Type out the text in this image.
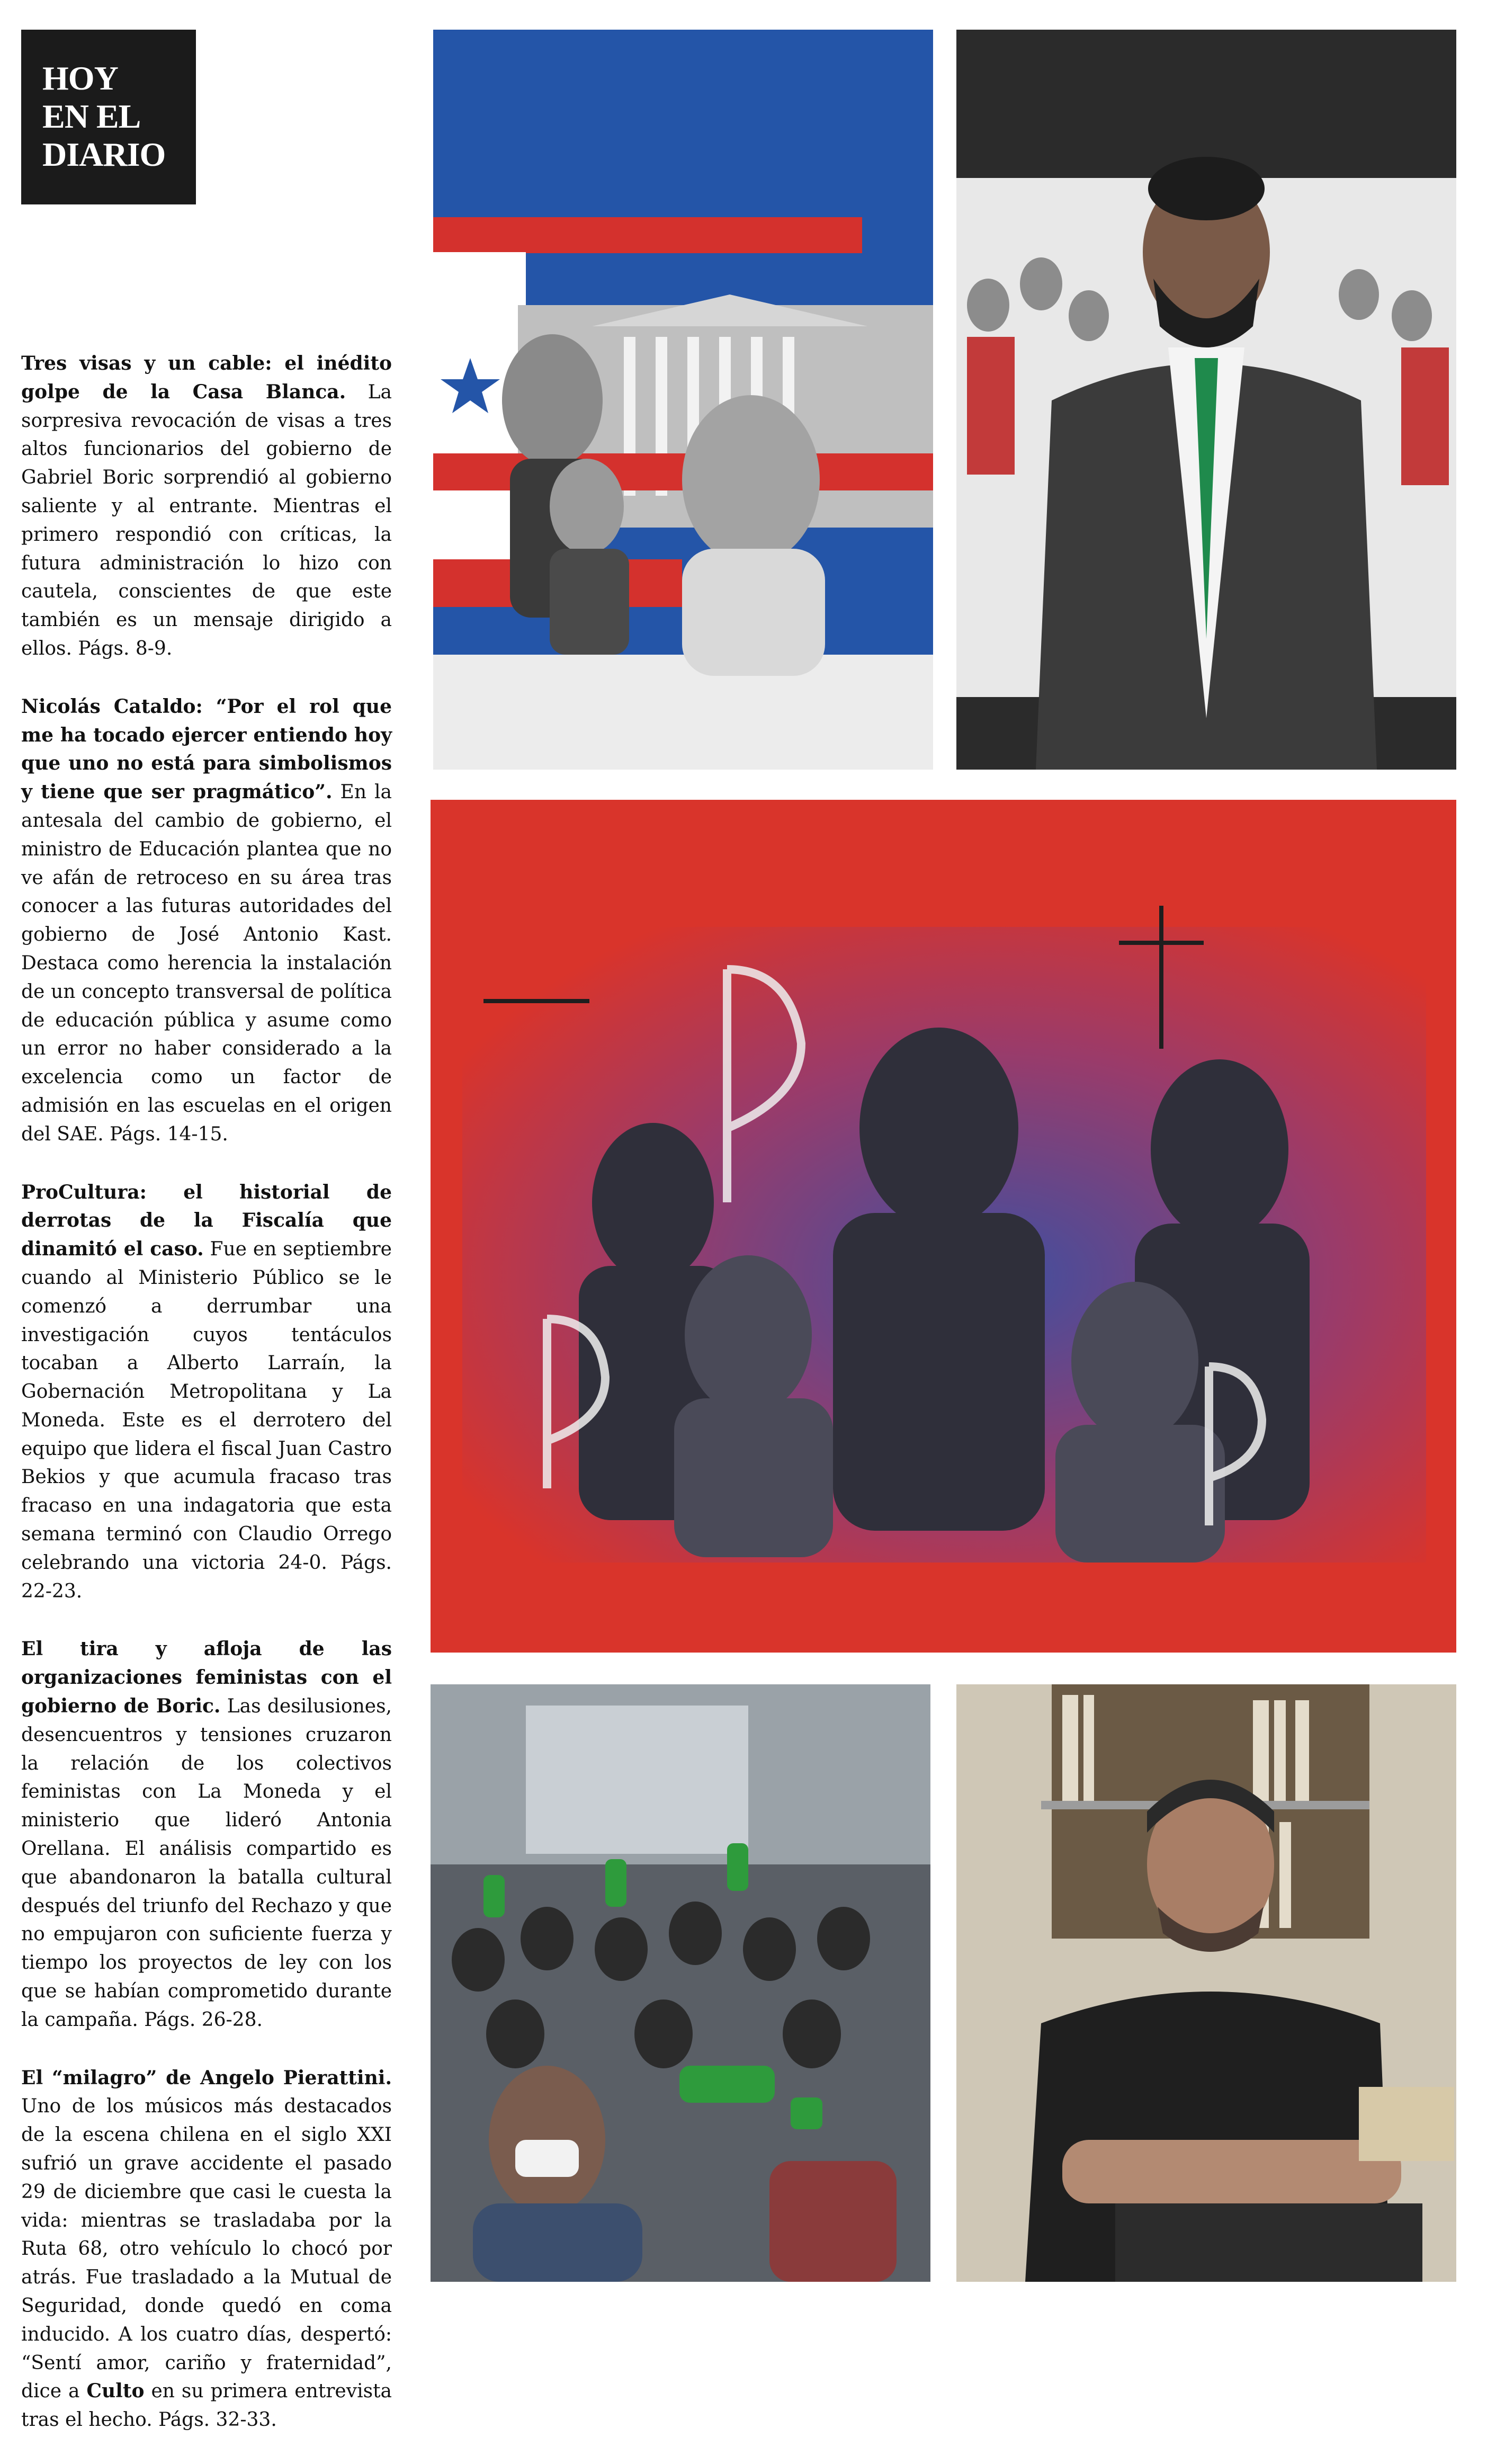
HOY
EN EL
DIARIO

Tres visas y un cable: el inédito golpe de la Casa Blanca. La sorpresiva revocación de visas a tres altos funcionarios del gobierno de Gabriel Boric sorprendió al gobierno saliente y al entrante. Mientras el primero respondió con críticas, la futura administración lo hizo con cautela, conscientes de que este también es un mensaje dirigido a ellos. Págs. 8-9.

Nicolás Cataldo: “Por el rol que me ha tocado ejercer entiendo hoy que uno no está para simbolismos y tiene que ser pragmático”. En la antesala del cambio de gobierno, el ministro de Educación plantea que no ve afán de retroceso en su área tras conocer a las futuras autoridades del gobierno de José Antonio Kast. Destaca como herencia la instalación de un concepto transversal de política de educación pública y asume como un error no haber considerado a la excelencia como un factor de admisión en las escuelas en el origen del SAE. Págs. 14-15.

ProCultura: el historial de derrotas de la Fiscalía que dinamitó el caso. Fue en septiembre cuando al Ministerio Público se le comenzó a derrumbar una investigación cuyos tentáculos tocaban a Alberto Larraín, la Gobernación Metropolitana y La Moneda. Este es el derrotero del equipo que lidera el fiscal Juan Castro Bekios y que acumula fracaso tras fracaso en una indagatoria que esta semana terminó con Claudio Orrego celebrando una victoria 24-0. Págs. 22-23.

El tira y afloja de las organizaciones feministas con el gobierno de Boric. Las desilusiones, desencuentros y tensiones cruzaron la relación de los colectivos feministas con La Moneda y el ministerio que lideró Antonia Orellana. El análisis compartido es que abandonaron la batalla cultural después del triunfo del Rechazo y que no empujaron con suficiente fuerza y tiempo los proyectos de ley con los que se habían comprometido durante la campaña. Págs. 26-28.

El “milagro” de Angelo Pierattini. Uno de los músicos más destacados de la escena chilena en el siglo XXI sufrió un grave accidente el pasado 29 de diciembre que casi le cuesta la vida: mientras se trasladaba por la Ruta 68, otro vehículo lo chocó por atrás. Fue trasladado a la Mutual de Seguridad, donde quedó en coma inducido. A los cuatro días, despertó: “Sentí amor, cariño y fraternidad”, dice a Culto en su primera entrevista tras el hecho. Págs. 32-33.
